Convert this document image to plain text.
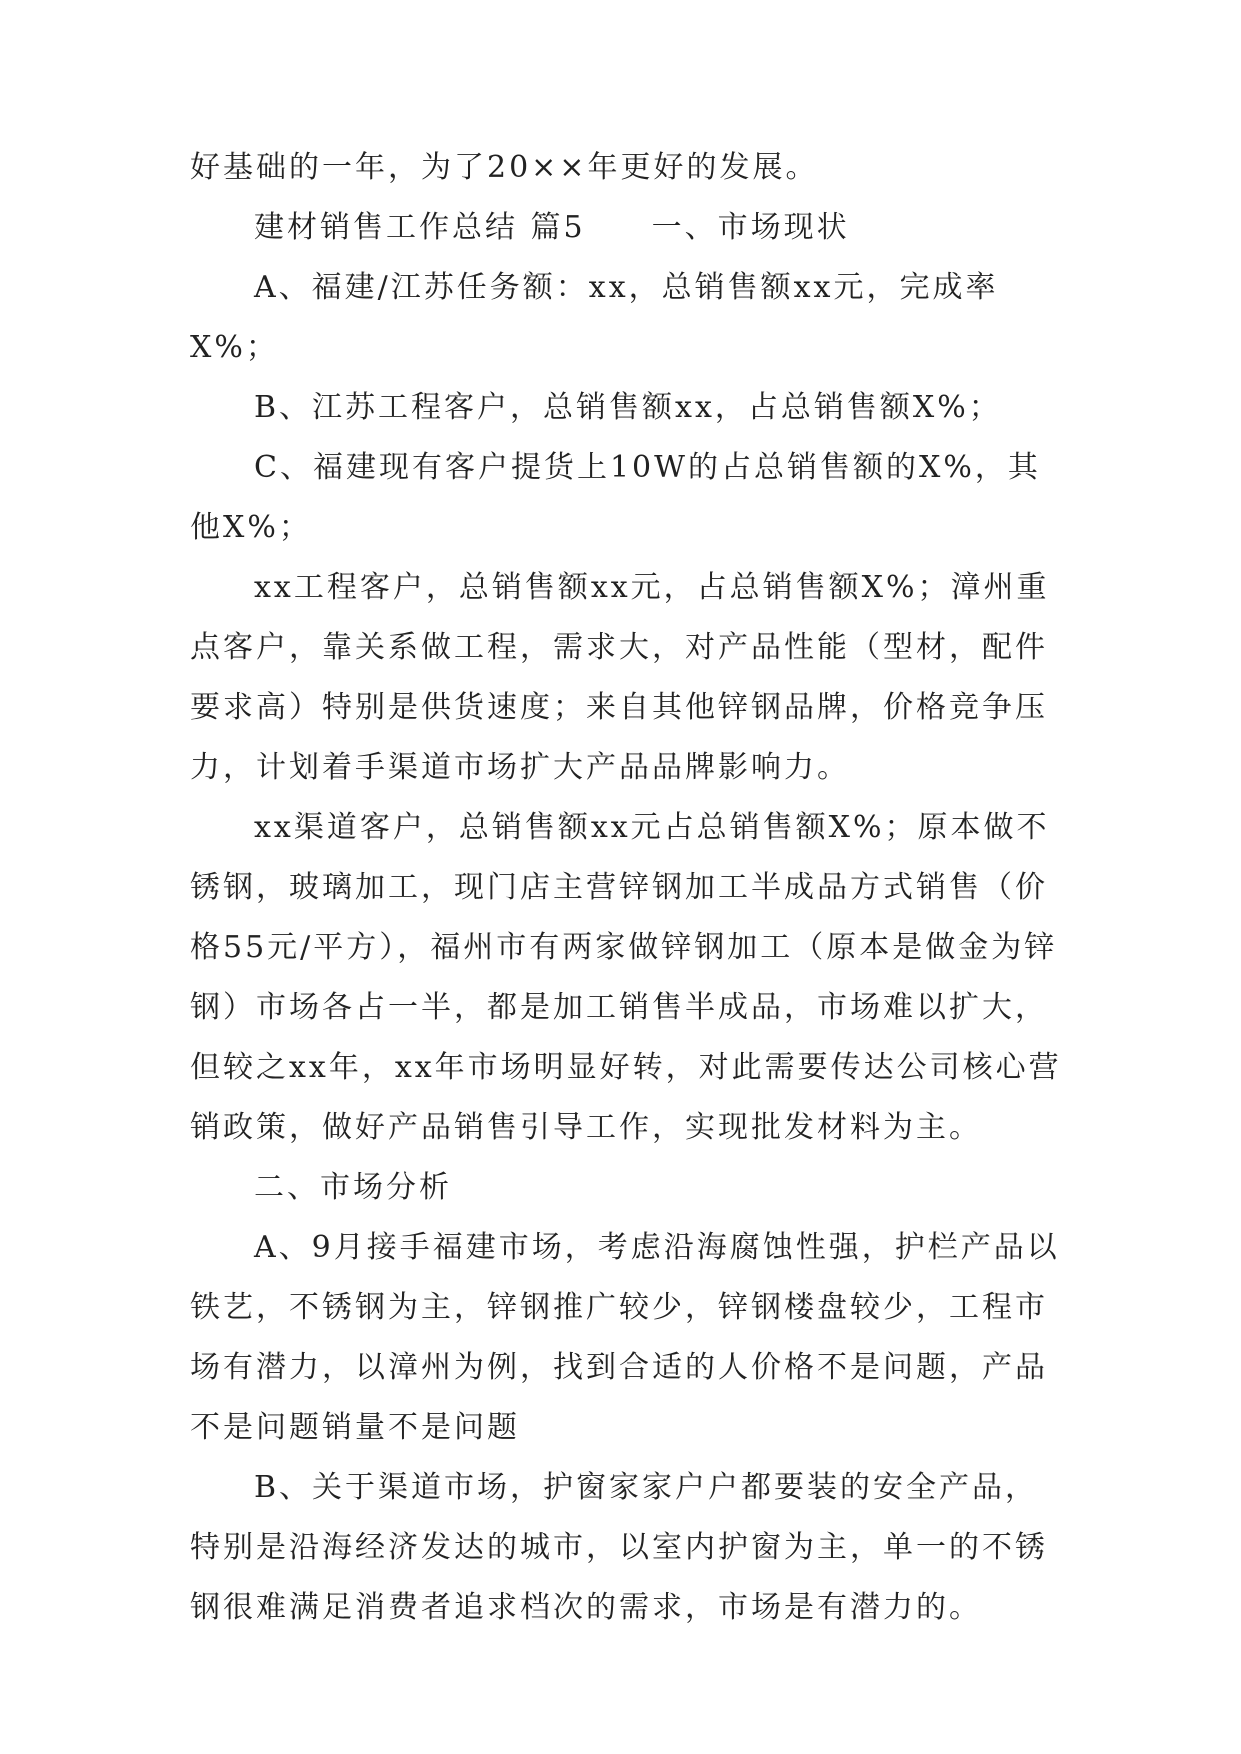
好基础的一年，为了20××年更好的发展。

建材销售工作总结 篇5　　一、市场现状

A、福建/江苏任务额：xx，总销售额xx元，完成率X%；

B、江苏工程客户，总销售额xx，占总销售额X%；

C、福建现有客户提货上10W的占总销售额的X%，其他X%；

xx工程客户，总销售额xx元，占总销售额X%；漳州重点客户，靠关系做工程，需求大，对产品性能（型材，配件要求高）特别是供货速度；来自其他锌钢品牌，价格竞争压力，计划着手渠道市场扩大产品品牌影响力。

xx渠道客户，总销售额xx元占总销售额X%；原本做不锈钢，玻璃加工，现门店主营锌钢加工半成品方式销售（价格55元/平方），福州市有两家做锌钢加工（原本是做金为锌钢）市场各占一半，都是加工销售半成品，市场难以扩大，但较之xx年，xx年市场明显好转，对此需要传达公司核心营销政策，做好产品销售引导工作，实现批发材料为主。

二、市场分析

A、9月接手福建市场，考虑沿海腐蚀性强，护栏产品以铁艺，不锈钢为主，锌钢推广较少，锌钢楼盘较少，工程市场有潜力，以漳州为例，找到合适的人价格不是问题，产品不是问题销量不是问题

B、关于渠道市场，护窗家家户户都要装的安全产品，特别是沿海经济发达的城市，以室内护窗为主，单一的不锈钢很难满足消费者追求档次的需求，市场是有潜力的。
